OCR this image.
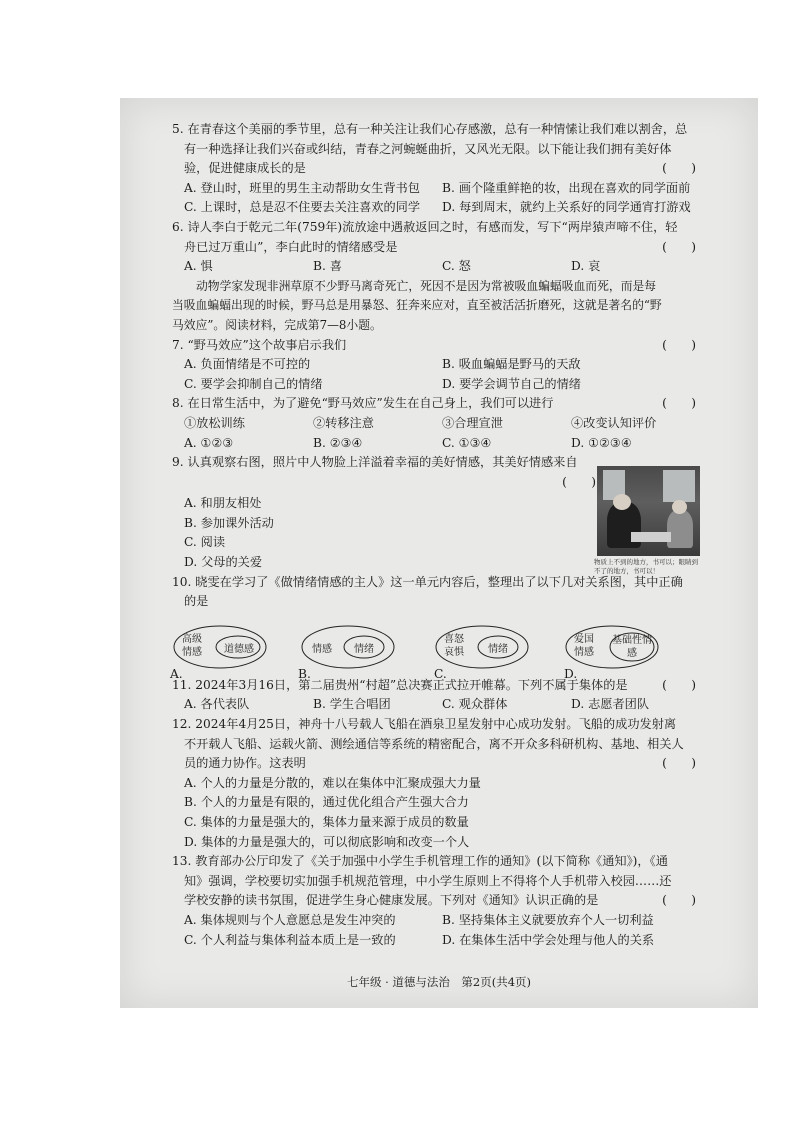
5. 在青春这个美丽的季节里，总有一种关注让我们心存感激，总有一种情愫让我们难以割舍，总

有一种选择让我们兴奋或纠结，青春之河蜿蜒曲折，又风光无限。以下能让我们拥有美好体

验，促进健康成长的是	(　　)

A. 登山时，班里的男生主动帮助女生背书包	B. 画个隆重鲜艳的妆，出现在喜欢的同学面前
C. 上课时，总是忍不住要去关注喜欢的同学	D. 每到周末，就约上关系好的同学通宵打游戏

6. 诗人李白于乾元二年(759年)流放途中遇赦返回之时，有感而发，写下“两岸猿声啼不住，轻

舟已过万重山”，李白此时的情绪感受是

A. 惧	B. 喜	C. 怒	D. 哀
(　　)

动物学家发现非洲草原不少野马离奇死亡，死因不是因为常被吸血蝙蝠吸血而死，而是每

当吸血蝙蝠出现的时候，野马总是用暴怒、狂奔来应对，直至被活活折磨死，这就是著名的“野

马效应”。阅读材料，完成第7—8小题。

7. “野马效应”这个故事启示我们	(　　)

A. 负面情绪是不可控的	B. 吸血蝙蝠是野马的天敌
C. 要学会抑制自己的情绪	D. 要学会调节自己的情绪

8. 在日常生活中，为了避免“野马效应”发生在自己身上，我们可以进行	(　　)

①放松训练	②转移注意	③合理宣泄	④改变认知评价
A. ①②③	B. ②③④	C. ①③④	D. ①②③④

9. 认真观察右图，照片中人物脸上洋溢着幸福的美好情感，其美好情感来自

(　　)

A. 和朋友相处

B. 参加课外活动

C. 阅读

D. 父母的关爱

10. 晓雯在学习了《做情绪情感的主人》这一单元内容后，整理出了以下几对关系图，其中正确

的是

11. 2024年3月16日，第二届贵州“村超”总决赛正式拉开帷幕。下列不属于集体的是	(　　)

A. 各代表队	B. 学生合唱团	C. 观众群体	D. 志愿者团队

12. 2024年4月25日，神舟十八号载人飞船在酒泉卫星发射中心成功发射。飞船的成功发射离

不开载人飞船、运载火箭、测绘通信等系统的精密配合，离不开众多科研机构、基地、相关人

员的通力协作。这表明	(　　)

A. 个人的力量是分散的，难以在集体中汇聚成强大力量

B. 个人的力量是有限的，通过优化组合产生强大合力

C. 集体的力量是强大的，集体力量来源于成员的数量

D. 集体的力量是强大的，可以彻底影响和改变一个人

13. 教育部办公厅印发了《关于加强中小学生手机管理工作的通知》(以下简称《通知》)，《通

知》强调，学校要切实加强手机规范管理，中小学生原则上不得将个人手机带入校园……还

学校安静的读书氛围，促进学生身心健康发展。下列对《通知》认识正确的是	(　　)

A. 集体规则与个人意愿总是发生冲突的	B. 坚持集体主义就要放弃个人一切利益
C. 个人利益与集体利益本质上是一致的	D. 在集体生活中学会处理与他人的关系
物质上不到的地方，书可以；眼睛到不了的地方，书可以！
高级情感	道德感
A.
情感	情绪
B.
喜怒哀惧	情绪
C.
爱国情感
基础性情感
D.
七年级 · 道德与法治　第2页(共4页)
